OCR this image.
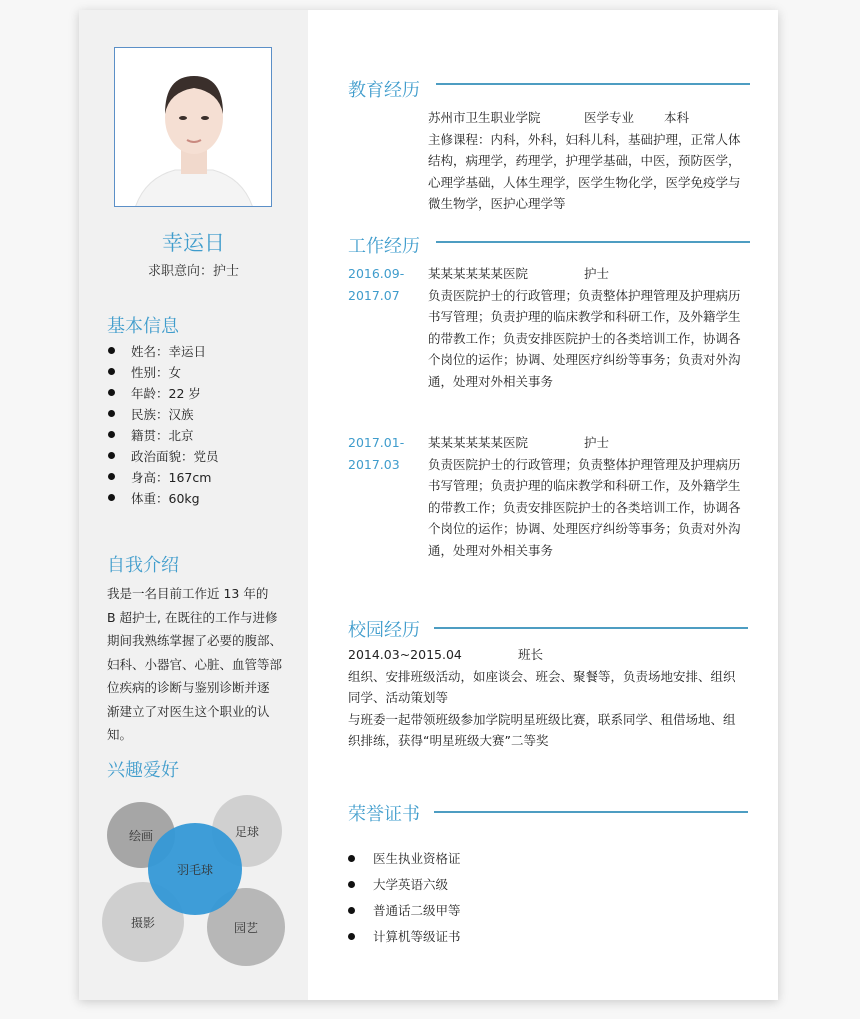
幸运日
求职意向：护士
基本信息
姓名：幸运日
性别：女
年龄：22 岁
民族：汉族
籍贯：北京
政治面貌：党员
身高：167cm
体重：60kg
自我介绍
我是一名目前工作近 13 年的
B 超护士, 在既往的工作与进修
期间我熟练掌握了必要的腹部、
妇科、小器官、心脏、血管等部
位疾病的诊断与鉴别诊断并逐
渐建立了对医生这个职业的认
知。
兴趣爱好
绘画	足球
摄影	园艺
羽毛球
教育经历
苏州市卫生职业学院	医学专业	本科
主修课程：内科，外科，妇科儿科，基础护理，正常人体
结构，病理学，药理学，护理学基础，中医，预防医学，
心理学基础，人体生理学，医学生物化学，医学免疫学与
微生物学，医护心理学等
工作经历
2016.09-
2017.07
某某某某某某医院	护士
负责医院护士的行政管理；负责整体护理管理及护理病历
书写管理；负责护理的临床教学和科研工作，及外籍学生
的带教工作；负责安排医院护士的各类培训工作，协调各
个岗位的运作；协调、处理医疗纠纷等事务；负责对外沟
通，处理对外相关事务
2017.01-
2017.03
某某某某某某医院	护士
负责医院护士的行政管理；负责整体护理管理及护理病历
书写管理；负责护理的临床教学和科研工作，及外籍学生
的带教工作；负责安排医院护士的各类培训工作，协调各
个岗位的运作；协调、处理医疗纠纷等事务；负责对外沟
通，处理对外相关事务
校园经历
2014.03~2015.04	班长
组织、安排班级活动，如座谈会、班会、聚餐等，负责场地安排、组织
同学、活动策划等
与班委一起带领班级参加学院明星班级比赛，联系同学、租借场地、组
织排练，获得“明星班级大赛”二等奖
荣誉证书
医生执业资格证
大学英语六级
普通话二级甲等
计算机等级证书
